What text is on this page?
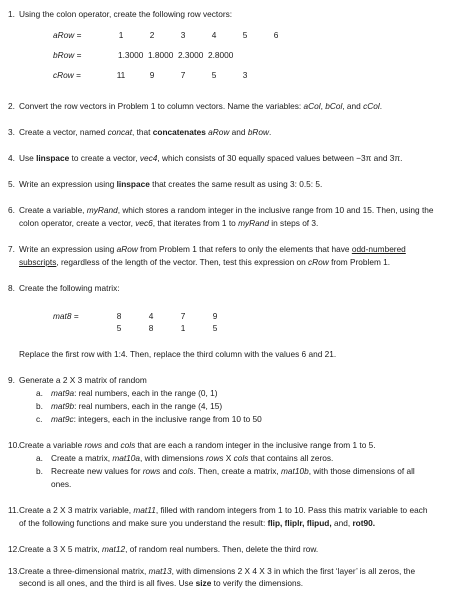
1. Using the colon operator, create the following row vectors:
aRow =	1	2	3	4	5	6
bRow =	1.3000  1.8000  2.3000  2.8000
cRow =	11	9	7	5	3
2. Convert the row vectors in Problem 1 to column vectors. Name the variables: aCol, bCol, and cCol.
3. Create a vector, named concat, that concatenates aRow and bRow.
4. Use linspace to create a vector, vec4, which consists of 30 equally spaced values between −3π and 3π.
5. Write an expression using linspace that creates the same result as using 3: 0.5: 5.
6. Create a variable, myRand, which stores a random integer in the inclusive range from 10 and 15. Then, using the
colon operator, create a vector, vec6, that iterates from 1 to myRand in steps of 3.
7. Write an expression using aRow from Problem 1 that refers to only the elements that have odd-numbered
subscripts, regardless of the length of the vector. Then, test this expression on cRow from Problem 1.
8. Create the following matrix:
mat8 =	8	4	7	9
5	8	1	5
Replace the first row with 1:4. Then, replace the third column with the values 6 and 21.
9. Generate a 2 X 3 matrix of random
a. mat9a: real numbers, each in the range (0, 1)
b. mat9b: real numbers, each in the range (4, 15)
c. mat9c: integers, each in the inclusive range from 10 to 50
10. Create a variable rows and cols that are each a random integer in the inclusive range from 1 to 5.
a. Create a matrix, mat10a, with dimensions rows X cols that contains all zeros.
b. Recreate new values for rows and cols. Then, create a matrix, mat10b, with those dimensions of all
ones.
11. Create a 2 X 3 matrix variable, mat11, filled with random integers from 1 to 10. Pass this matrix variable to each
of the following functions and make sure you understand the result: flip, fliplr, flipud, and, rot90.
12. Create a 3 X 5 matrix, mat12, of random real numbers. Then, delete the third row.
13. Create a three-dimensional matrix, mat13, with dimensions 2 X 4 X 3 in which the first ‘layer’ is all zeros, the
second is all ones, and the third is all fives. Use size to verify the dimensions.
